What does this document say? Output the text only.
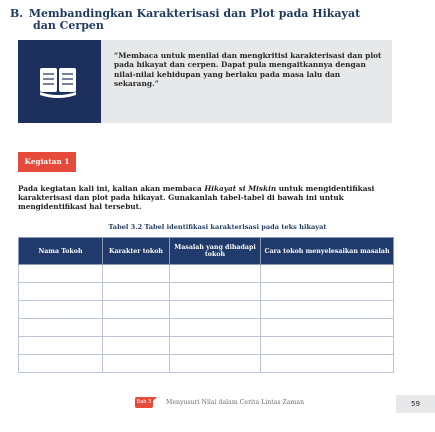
B. Membandingkan Karakterisasi dan Plot pada Hikayat
dan Cerpen
“Membaca untuk menilai dan mengkritisi karakterisasi dan plot pada hikayat dan cerpen. Dapat pula mengaitkannya dengan nilai-nilai kehidupan yang berlaku pada masa lalu dan sekarang.”
Kegiatan 1
Pada kegiatan kali ini, kalian akan membaca Hikayat si Miskin untuk mengidentifikasi karakterisasi dan plot pada hikayat. Gunakanlah tabel-tabel di bawah ini untuk mengidentifikasi hal tersebut.
Tabel 3.2 Tabel identifikasi karakterisasi pada teks hikayat
Nama Tokoh	Karakter tokoh	Masalah yang dihadapi tokoh	Cara tokoh menyelesaikan masalah

Bab 3 Menyusuri Nilai dalam Cerita Lintas Zaman	59
